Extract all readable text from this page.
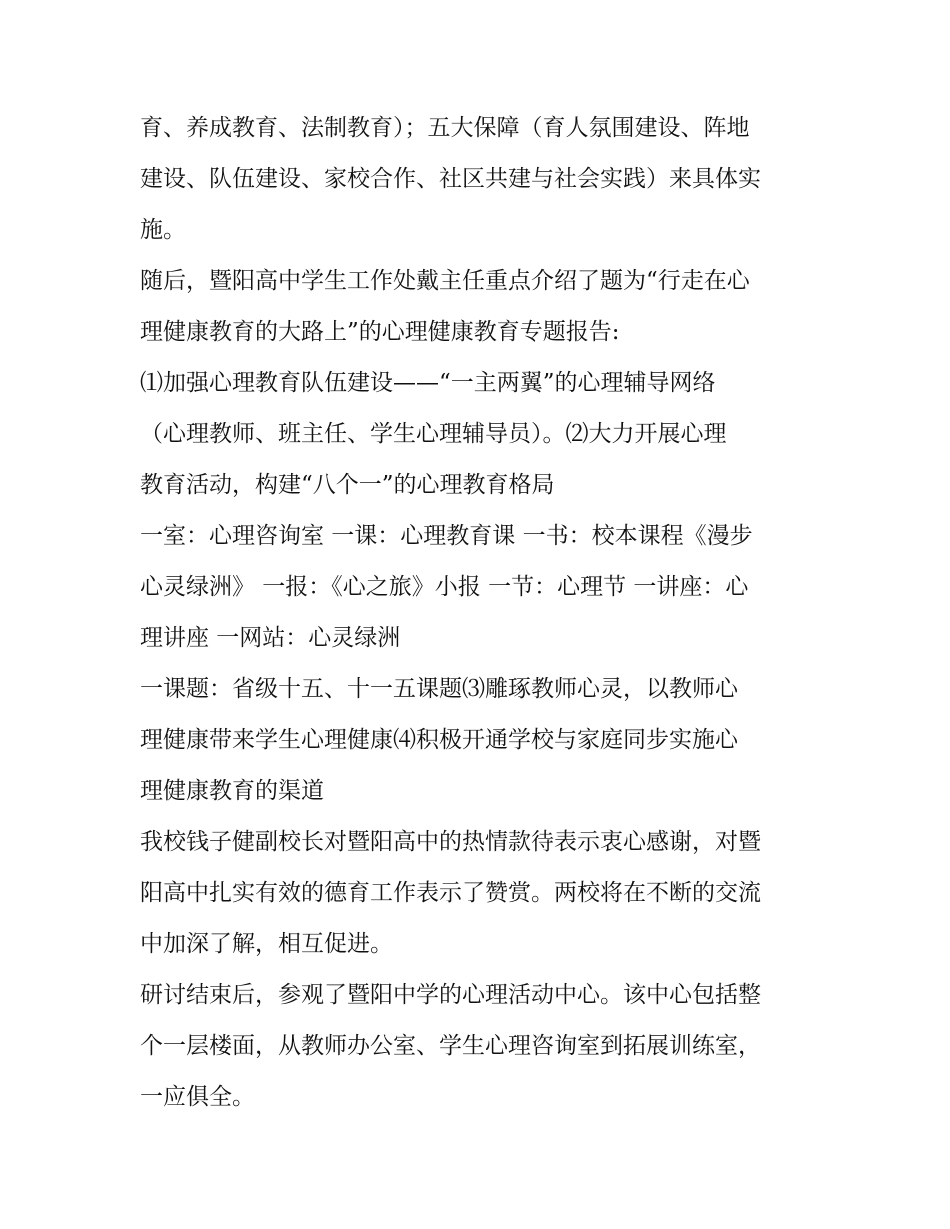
育、养成教育、法制教育）；五大保障（育人氛围建设、阵地
建设、队伍建设、家校合作、社区共建与社会实践）来具体实
施。
随后，暨阳高中学生工作处戴主任重点介绍了题为“行走在心
理健康教育的大路上”的心理健康教育专题报告:
⑴加强心理教育队伍建设——“一主两翼”的心理辅导网络
（心理教师、班主任、学生心理辅导员）。⑵大力开展心理
教育活动，构建“八个一”的心理教育格局
一室：心理咨询室 一课：心理教育课 一书：校本课程《漫步
心灵绿洲》 一报：《心之旅》小报 一节：心理节 一讲座：心
理讲座 一网站：心灵绿洲
一课题：省级十五、十一五课题⑶雕琢教师心灵，以教师心
理健康带来学生心理健康⑷积极开通学校与家庭同步实施心
理健康教育的渠道
我校钱子健副校长对暨阳高中的热情款待表示衷心感谢，对暨
阳高中扎实有效的德育工作表示了赞赏。两校将在不断的交流
中加深了解，相互促进。
研讨结束后，参观了暨阳中学的心理活动中心。该中心包括整
个一层楼面，从教师办公室、学生心理咨询室到拓展训练室，
一应俱全。
